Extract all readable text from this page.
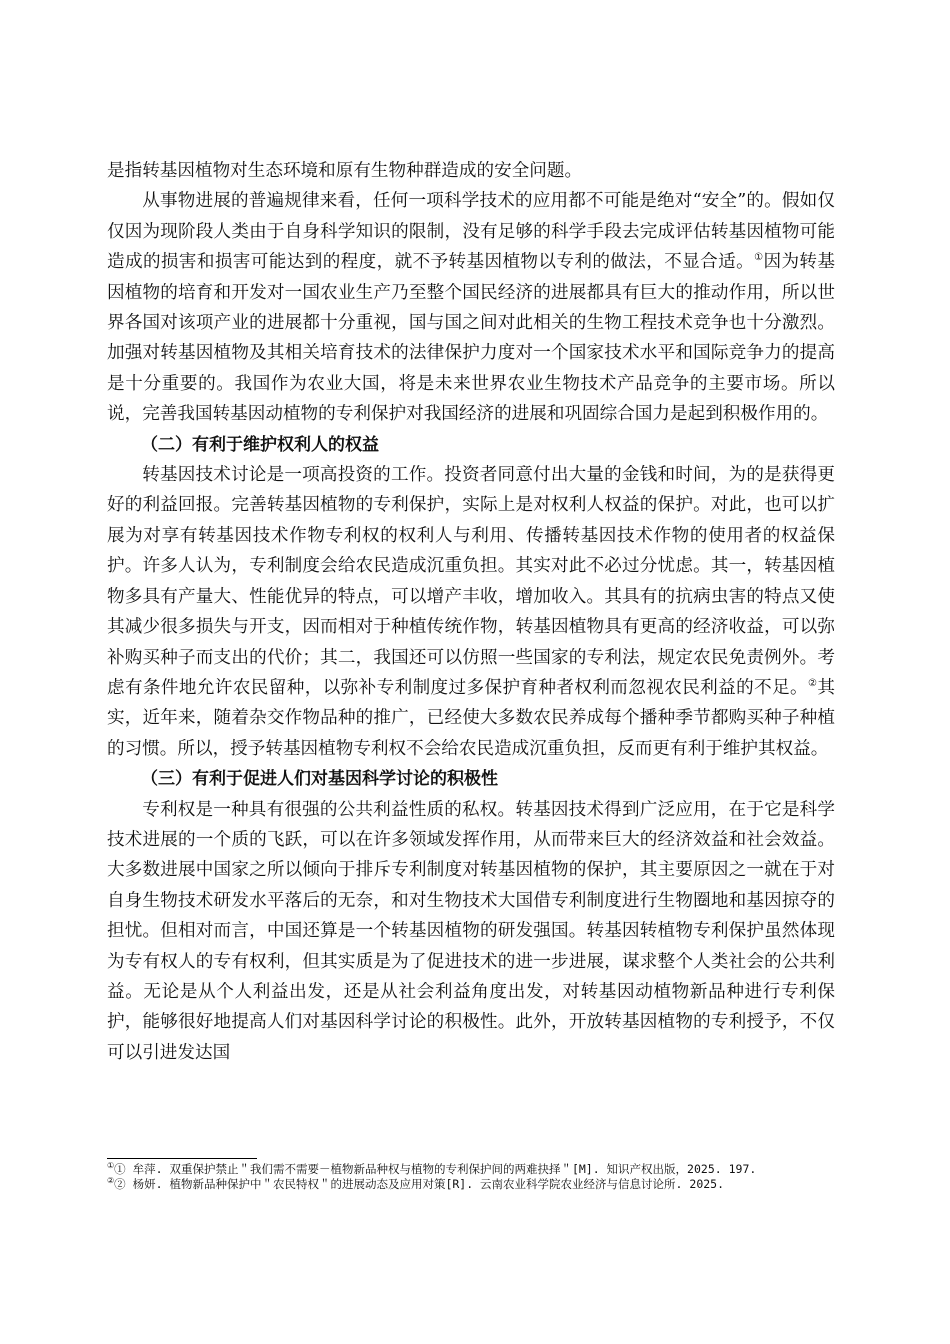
是指转基因植物对生态环境和原有生物种群造成的安全问题。

从事物进展的普遍规律来看，任何一项科学技术的应用都不可能是绝对“安全”的。假如仅仅因为现阶段人类由于自身科学知识的限制，没有足够的科学手段去完成评估转基因植物可能造成的损害和损害可能达到的程度，就不予转基因植物以专利的做法，不显合适。①因为转基因植物的培育和开发对一国农业生产乃至整个国民经济的进展都具有巨大的推动作用，所以世界各国对该项产业的进展都十分重视，国与国之间对此相关的生物工程技术竞争也十分激烈。加强对转基因植物及其相关培育技术的法律保护力度对一个国家技术水平和国际竞争力的提高是十分重要的。我国作为农业大国，将是未来世界农业生物技术产品竞争的主要市场。所以说，完善我国转基因动植物的专利保护对我国经济的进展和巩固综合国力是起到积极作用的。

（二）有利于维护权利人的权益

转基因技术讨论是一项高投资的工作。投资者同意付出大量的金钱和时间，为的是获得更好的利益回报。完善转基因植物的专利保护，实际上是对权利人权益的保护。对此，也可以扩展为对享有转基因技术作物专利权的权利人与利用、传播转基因技术作物的使用者的权益保护。许多人认为，专利制度会给农民造成沉重负担。其实对此不必过分忧虑。其一，转基因植物多具有产量大、性能优异的特点，可以增产丰收，增加收入。其具有的抗病虫害的特点又使其减少很多损失与开支，因而相对于种植传统作物，转基因植物具有更高的经济收益，可以弥补购买种子而支出的代价；其二，我国还可以仿照一些国家的专利法，规定农民免责例外。考虑有条件地允许农民留种，以弥补专利制度过多保护育种者权利而忽视农民利益的不足。②其实，近年来，随着杂交作物品种的推广，已经使大多数农民养成每个播种季节都购买种子种植的习惯。所以，授予转基因植物专利权不会给农民造成沉重负担，反而更有利于维护其权益。

（三）有利于促进人们对基因科学讨论的积极性

专利权是一种具有很强的公共利益性质的私权。转基因技术得到广泛应用，在于它是科学技术进展的一个质的飞跃，可以在许多领域发挥作用，从而带来巨大的经济效益和社会效益。大多数进展中国家之所以倾向于排斥专利制度对转基因植物的保护，其主要原因之一就在于对自身生物技术研发水平落后的无奈，和对生物技术大国借专利制度进行生物圈地和基因掠夺的担忧。但相对而言，中国还算是一个转基因植物的研发强国。转基因转植物专利保护虽然体现为专有权人的专有权利，但其实质是为了促进技术的进一步进展，谋求整个人类社会的公共利益。无论是从个人利益出发，还是从社会利益角度出发，对转基因动植物新品种进行专利保护，能够很好地提高人们对基因科学讨论的积极性。此外，开放转基因植物的专利授予，不仅可以引进发达国

①① 牟萍. 双重保护禁止＂我们需不需要－植物新品种权与植物的专利保护间的两难抉择＂[M]. 知识产权出版，2025. 197.

②② 杨妍. 植物新品种保护中＂农民特权＂的进展动态及应用对策[R]. 云南农业科学院农业经济与信息讨论所. 2025.
